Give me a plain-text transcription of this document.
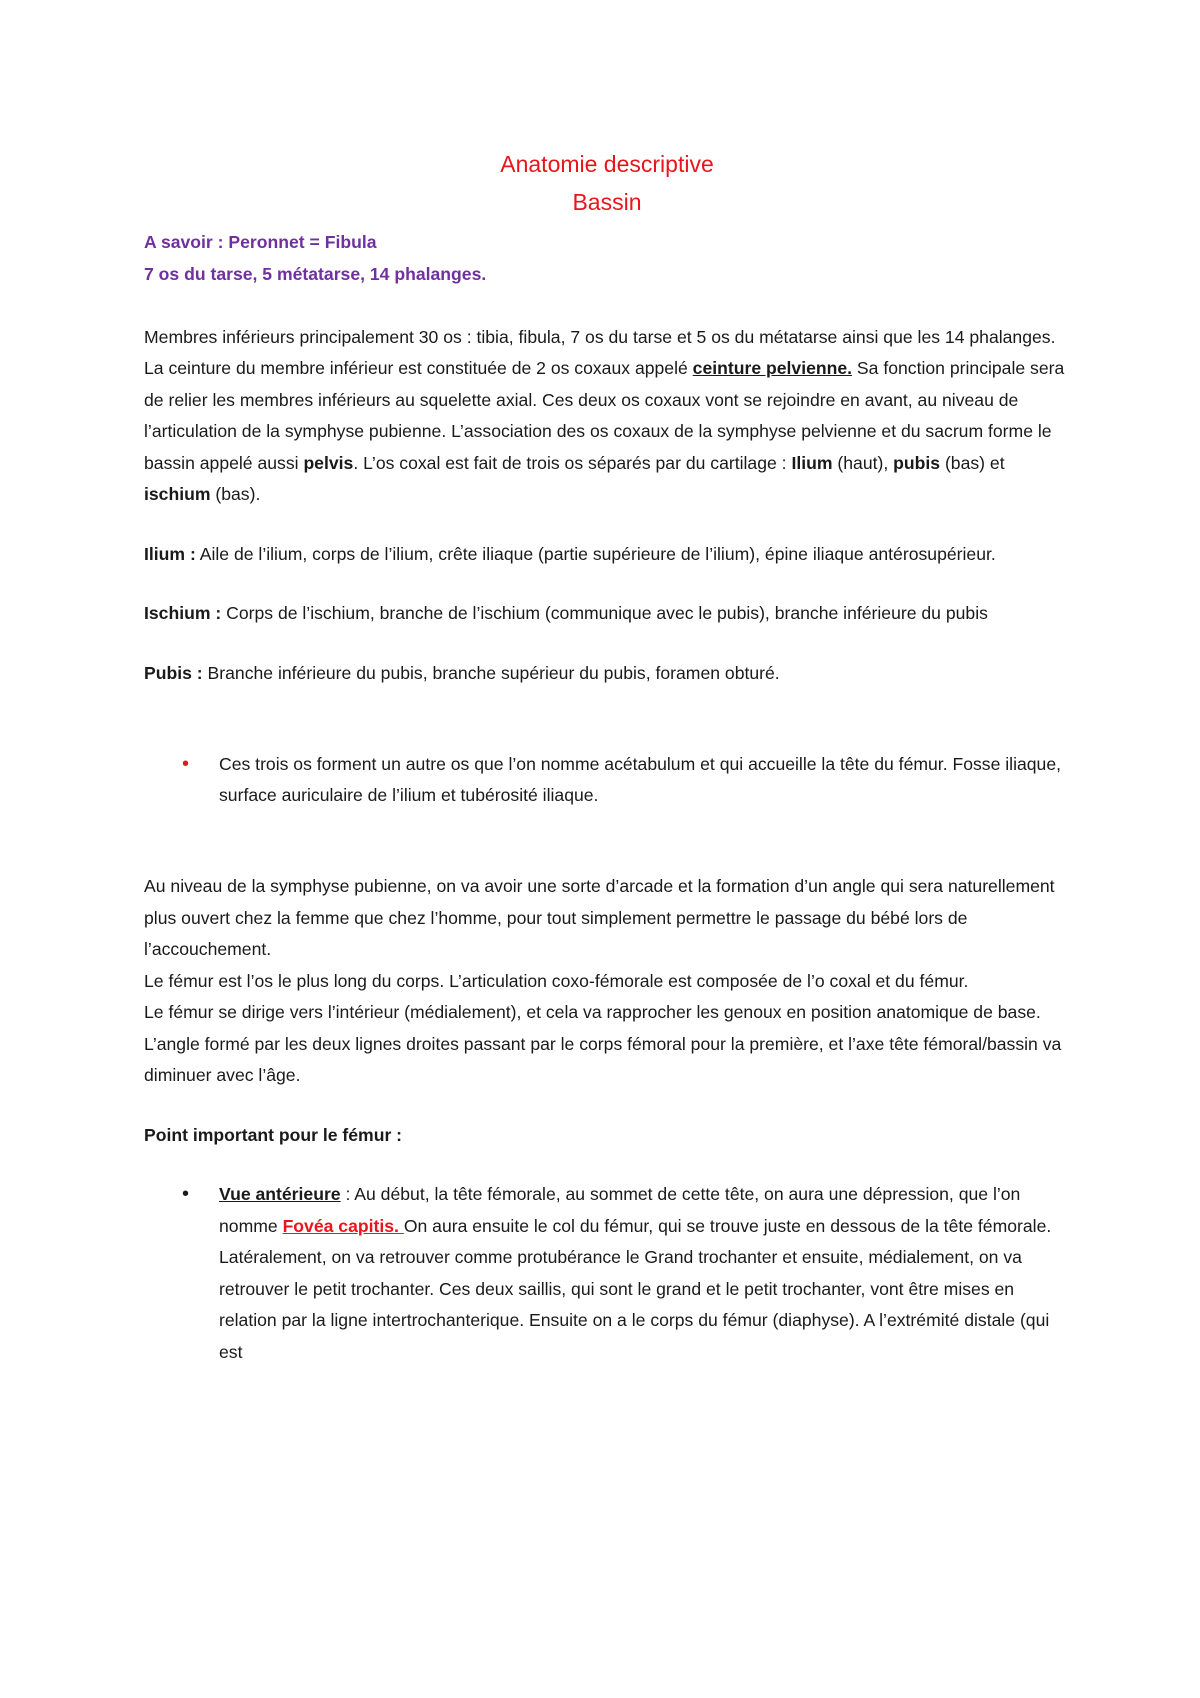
Anatomie descriptive
Bassin

A savoir : Peronnet = Fibula

7 os du tarse, 5 métatarse, 14 phalanges.

Membres inférieurs principalement 30 os : tibia, fibula, 7 os du tarse et 5 os du métatarse ainsi que les 14 phalanges.

La ceinture du membre inférieur est constituée de 2 os coxaux appelé ceinture pelvienne. Sa fonction principale sera de relier les membres inférieurs au squelette axial. Ces deux os coxaux vont se rejoindre en avant, au niveau de l’articulation de la symphyse pubienne. L’association des os coxaux de la symphyse pelvienne et du sacrum forme le bassin appelé aussi pelvis. L’os coxal est fait de trois os séparés par du cartilage : Ilium (haut), pubis (bas) et ischium (bas).

Ilium : Aile de l’ilium, corps de l’ilium, crête iliaque (partie supérieure de l’ilium), épine iliaque antérosupérieur.

Ischium : Corps de l’ischium, branche de l’ischium (communique avec le pubis), branche inférieure du pubis

Pubis : Branche inférieure du pubis, branche supérieur du pubis, foramen obturé.

• Ces trois os forment un autre os que l’on nomme acétabulum et qui accueille la tête du fémur. Fosse iliaque, surface auriculaire de l’ilium et tubérosité iliaque.

Au niveau de la symphyse pubienne, on va avoir une sorte d’arcade et la formation d’un angle qui sera naturellement plus ouvert chez la femme que chez l’homme, pour tout simplement permettre le passage du bébé lors de l’accouchement.

Le fémur est l’os le plus long du corps. L’articulation coxo-fémorale est composée de l’o coxal et du fémur.

Le fémur se dirige vers l’intérieur (médialement), et cela va rapprocher les genoux en position anatomique de base.

L’angle formé par les deux lignes droites passant par le corps fémoral pour la première, et l’axe tête fémoral/bassin va diminuer avec l’âge.

Point important pour le fémur :

• Vue antérieure : Au début, la tête fémorale, au sommet de cette tête, on aura une dépression, que l’on nomme Fovéa capitis. On aura ensuite le col du fémur, qui se trouve juste en dessous de la tête fémorale. Latéralement, on va retrouver comme protubérance le Grand trochanter et ensuite, médialement, on va retrouver le petit trochanter. Ces deux saillis, qui sont le grand et le petit trochanter, vont être mises en relation par la ligne intertrochanterique. Ensuite on a le corps du fémur (diaphyse). A l’extrémité distale (qui est
